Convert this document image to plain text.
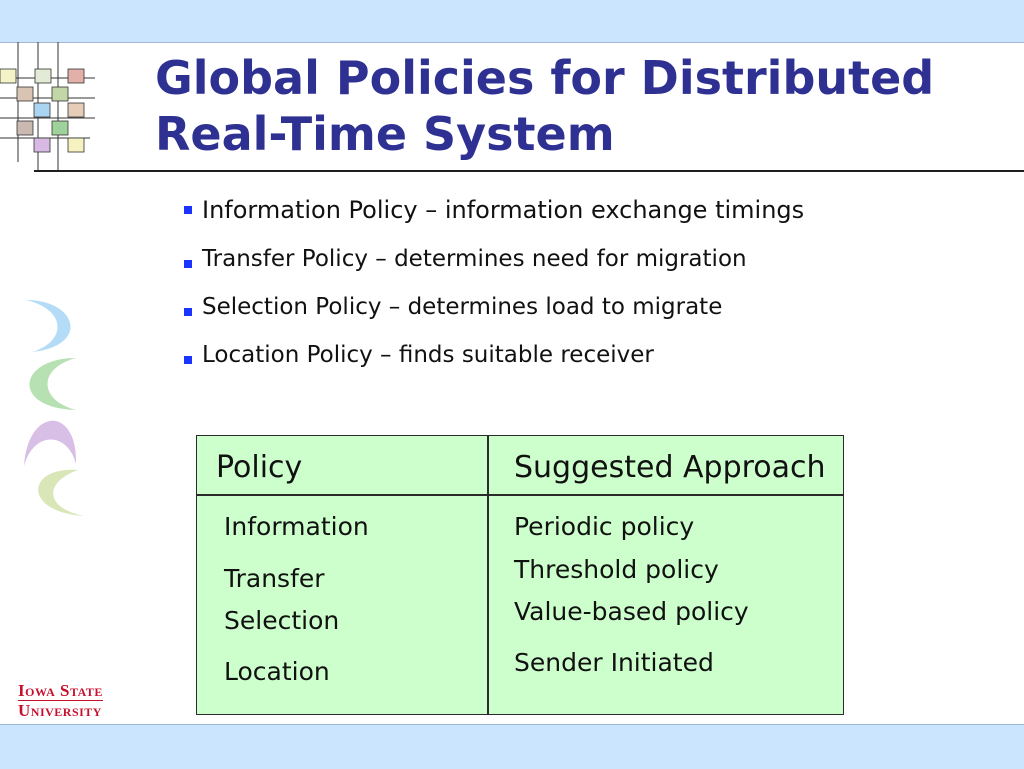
Global Policies for Distributed
Real-Time System
Information Policy – information exchange timings
Transfer Policy – determines need for migration
Selection Policy – determines load to migrate
Location Policy – finds suitable receiver
Policy	Suggested Approach
Information
Transfer
Selection
Location
Periodic policy
Threshold policy
Value-based policy
Sender Initiated
Iowa State
University
